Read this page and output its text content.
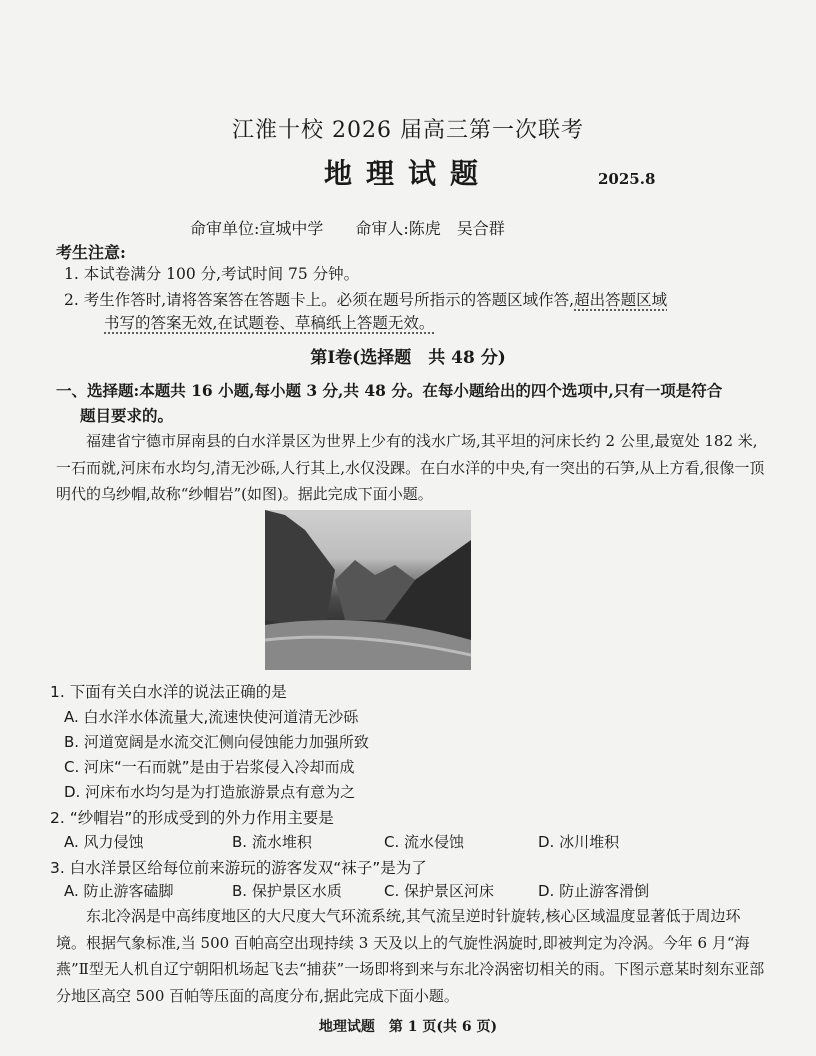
江淮十校 2026 届高三第一次联考
地理试题	2025.8
命审单位:宣城中学　　命审人:陈虎　吴合群
考生注意:
1. 本试卷满分 100 分,考试时间 75 分钟。
2. 考生作答时,请将答案答在答题卡上。必须在题号所指示的答题区域作答,超出答题区域
书写的答案无效,在试题卷、草稿纸上答题无效。
第Ⅰ卷(选择题　共 48 分)
一、选择题:本题共 16 小题,每小题 3 分,共 48 分。在每小题给出的四个选项中,只有一项是符合
题目要求的。
福建省宁德市屏南县的白水洋景区为世界上少有的浅水广场,其平坦的河床长约 2 公里,最宽处 182 米,一石而就,河床布水均匀,清无沙砾,人行其上,水仅没踝。在白水洋的中央,有一突出的石笋,从上方看,很像一顶明代的乌纱帽,故称“纱帽岩”(如图)。据此完成下面小题。
1. 下面有关白水洋的说法正确的是
A. 白水洋水体流量大,流速快使河道清无沙砾
B. 河道宽阔是水流交汇侧向侵蚀能力加强所致
C. 河床“一石而就”是由于岩浆侵入冷却而成
D. 河床布水均匀是为打造旅游景点有意为之
2. “纱帽岩”的形成受到的外力作用主要是
A. 风力侵蚀	B. 流水堆积	C. 流水侵蚀	D. 冰川堆积
3. 白水洋景区给每位前来游玩的游客发双“袜子”是为了
A. 防止游客磕脚	B. 保护景区水质	C. 保护景区河床	D. 防止游客滑倒
东北冷涡是中高纬度地区的大尺度大气环流系统,其气流呈逆时针旋转,核心区域温度显著低于周边环境。根据气象标准,当 500 百帕高空出现持续 3 天及以上的气旋性涡旋时,即被判定为冷涡。今年 6 月“海燕”Ⅱ型无人机自辽宁朝阳机场起飞去“捕获”一场即将到来与东北冷涡密切相关的雨。下图示意某时刻东亚部分地区高空 500 百帕等压面的高度分布,据此完成下面小题。
地理试题　第 1 页(共 6 页)
